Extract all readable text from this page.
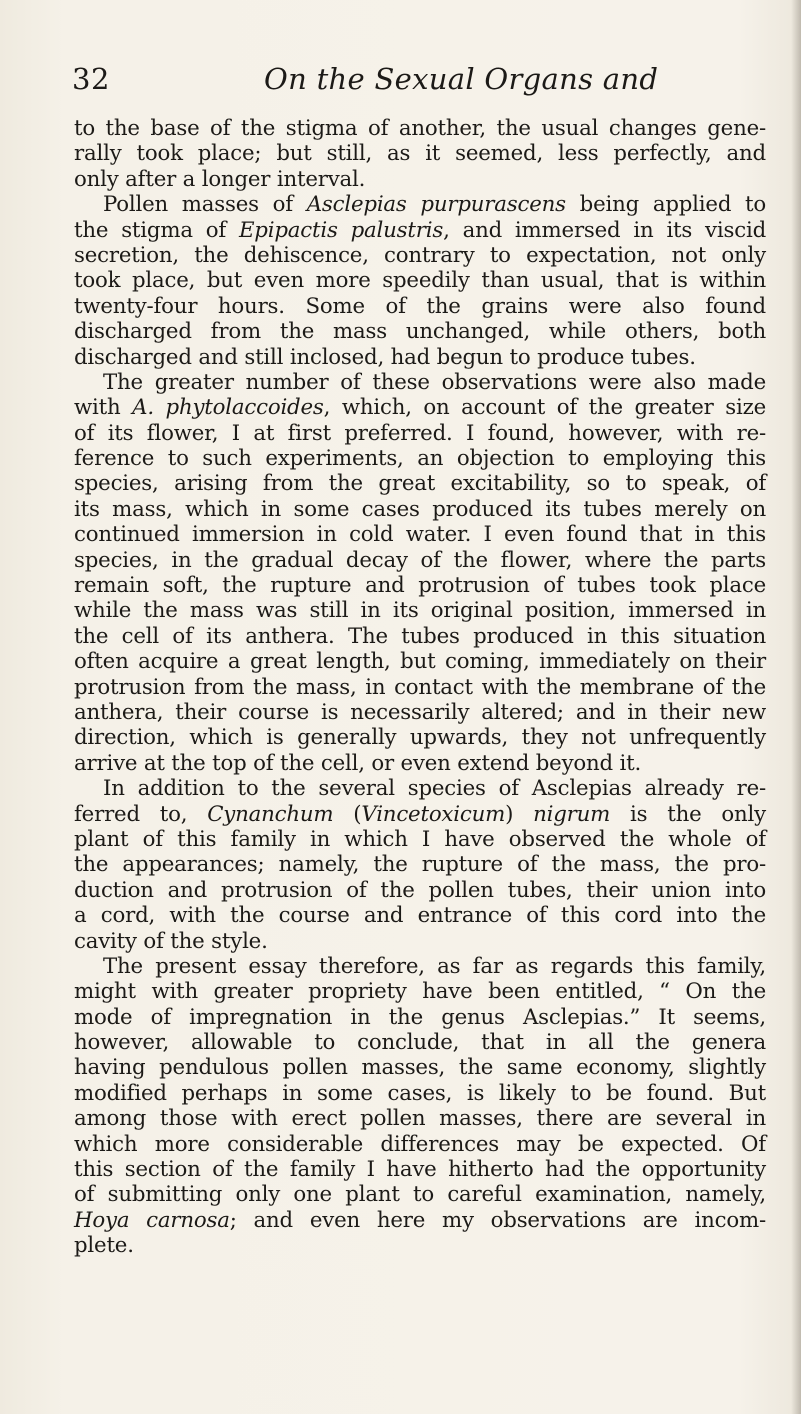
32	On the Sexual Organs and
to the base of the stigma of another, the usual changes gene-
rally took place; but still, as it seemed, less perfectly, and
only after a longer interval.
Pollen masses of Asclepias purpurascens being applied to
the stigma of Epipactis palustris, and immersed in its viscid
secretion, the dehiscence, contrary to expectation, not only
took place, but even more speedily than usual, that is within
twenty-four hours. Some of the grains were also found
discharged from the mass unchanged, while others, both
discharged and still inclosed, had begun to produce tubes.
The greater number of these observations were also made
with A. phytolaccoides, which, on account of the greater size
of its flower, I at first preferred. I found, however, with re-
ference to such experiments, an objection to employing this
species, arising from the great excitability, so to speak, of
its mass, which in some cases produced its tubes merely on
continued immersion in cold water. I even found that in this
species, in the gradual decay of the flower, where the parts
remain soft, the rupture and protrusion of tubes took place
while the mass was still in its original position, immersed in
the cell of its anthera. The tubes produced in this situation
often acquire a great length, but coming, immediately on their
protrusion from the mass, in contact with the membrane of the
anthera, their course is necessarily altered; and in their new
direction, which is generally upwards, they not unfrequently
arrive at the top of the cell, or even extend beyond it.
In addition to the several species of Asclepias already re-
ferred to, Cynanchum (Vincetoxicum) nigrum is the only
plant of this family in which I have observed the whole of
the appearances; namely, the rupture of the mass, the pro-
duction and protrusion of the pollen tubes, their union into
a cord, with the course and entrance of this cord into the
cavity of the style.
The present essay therefore, as far as regards this family,
might with greater propriety have been entitled, “ On the
mode of impregnation in the genus Asclepias.” It seems,
however, allowable to conclude, that in all the genera
having pendulous pollen masses, the same economy, slightly
modified perhaps in some cases, is likely to be found. But
among those with erect pollen masses, there are several in
which more considerable differences may be expected. Of
this section of the family I have hitherto had the opportunity
of submitting only one plant to careful examination, namely,
Hoya carnosa; and even here my observations are incom-
plete.
